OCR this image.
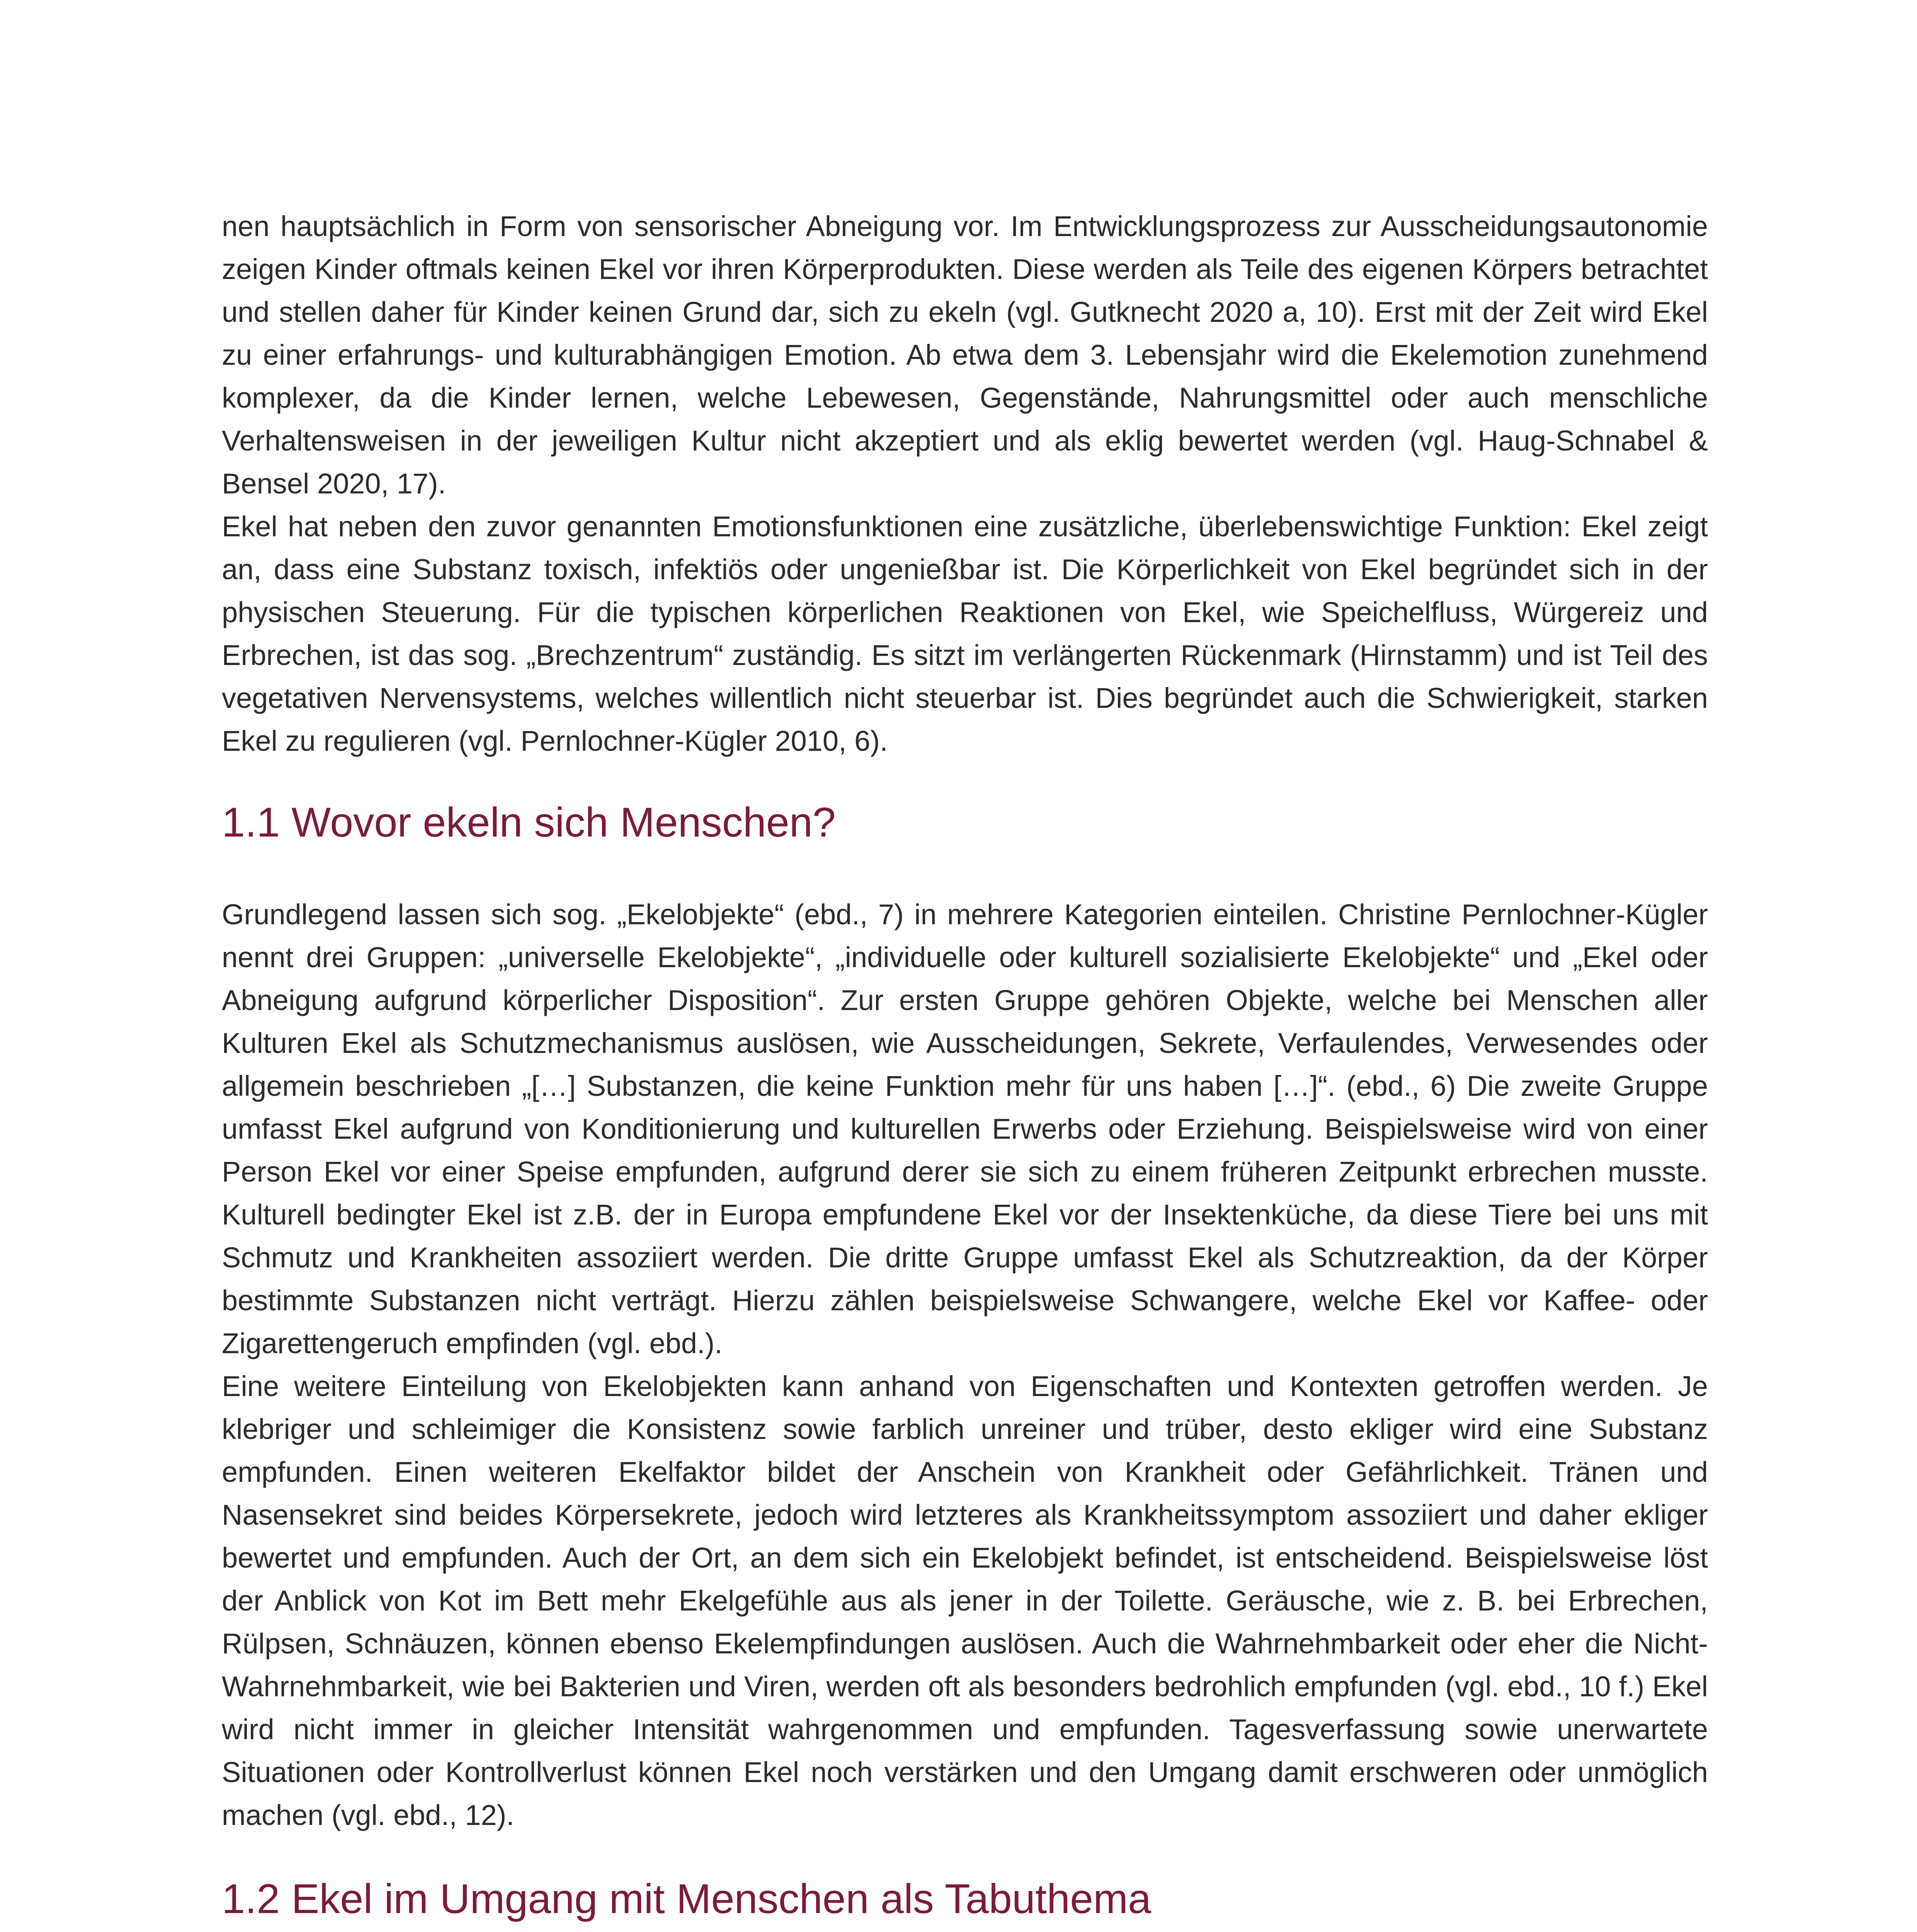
nen hauptsächlich in Form von sensorischer Abneigung vor. Im Entwicklungsprozess zur Ausscheidungsautonomie zeigen Kinder oftmals keinen Ekel vor ihren Körperprodukten. Diese werden als Teile des eigenen Körpers betrachtet und stellen daher für Kinder keinen Grund dar, sich zu ekeln (vgl. Gutknecht 2020 a, 10). Erst mit der Zeit wird Ekel zu einer erfahrungs- und kulturabhängigen Emotion. Ab etwa dem 3. Lebensjahr wird die Ekelemotion zunehmend komplexer, da die Kinder lernen, welche Lebewesen, Gegenstände, Nahrungsmittel oder auch menschliche Verhaltensweisen in der jeweiligen Kultur nicht akzeptiert und als eklig bewertet werden (vgl. Haug-Schnabel & Bensel 2020, 17).

Ekel hat neben den zuvor genannten Emotionsfunktionen eine zusätzliche, überlebenswichtige Funktion: Ekel zeigt an, dass eine Substanz toxisch, infektiös oder ungenießbar ist. Die Körperlichkeit von Ekel begründet sich in der physischen Steuerung. Für die typischen körperlichen Reaktionen von Ekel, wie Speichelfluss, Würgereiz und Erbrechen, ist das sog. „Brechzentrum“ zuständig. Es sitzt im verlängerten Rückenmark (Hirnstamm) und ist Teil des vegetativen Nervensystems, welches willentlich nicht steuerbar ist. Dies begründet auch die Schwierigkeit, starken Ekel zu regulieren (vgl. Pernlochner-Kügler 2010, 6).

1.1 Wovor ekeln sich Menschen?

Grundlegend lassen sich sog. „Ekelobjekte“ (ebd., 7) in mehrere Kategorien einteilen. Christine Pernlochner-Kügler nennt drei Gruppen: „universelle Ekelobjekte“, „individuelle oder kulturell sozialisierte Ekelobjekte“ und „Ekel oder Abneigung aufgrund körperlicher Disposition“. Zur ersten Gruppe gehören Objekte, welche bei Menschen aller Kulturen Ekel als Schutzmechanismus auslösen, wie Ausscheidungen, Sekrete, Verfaulendes, Verwesendes oder allgemein beschrieben „[…] Substanzen, die keine Funktion mehr für uns haben […]“. (ebd., 6) Die zweite Gruppe umfasst Ekel aufgrund von Konditionierung und kulturellen Erwerbs oder Erziehung. Beispielsweise wird von einer Person Ekel vor einer Speise empfunden, aufgrund derer sie sich zu einem früheren Zeitpunkt erbrechen musste. Kulturell bedingter Ekel ist z.B. der in Europa empfundene Ekel vor der Insektenküche, da diese Tiere bei uns mit Schmutz und Krankheiten assoziiert werden. Die dritte Gruppe umfasst Ekel als Schutzreaktion, da der Körper bestimmte Substanzen nicht verträgt. Hierzu zählen beispielsweise Schwangere, welche Ekel vor Kaffee- oder Zigarettengeruch empfinden (vgl. ebd.).

Eine weitere Einteilung von Ekelobjekten kann anhand von Eigenschaften und Kontexten getroffen werden. Je klebriger und schleimiger die Konsistenz sowie farblich unreiner und trüber, desto ekliger wird eine Substanz empfunden. Einen weiteren Ekelfaktor bildet der Anschein von Krankheit oder Gefährlichkeit. Tränen und Nasensekret sind beides Körpersekrete, jedoch wird letzteres als Krankheitssymptom assoziiert und daher ekliger bewertet und empfunden. Auch der Ort, an dem sich ein Ekelobjekt befindet, ist entscheidend. Beispielsweise löst der Anblick von Kot im Bett mehr Ekelgefühle aus als jener in der Toilette. Geräusche, wie z. B. bei Erbrechen, Rülpsen, Schnäuzen, können ebenso Ekelempfindungen auslösen. Auch die Wahrnehmbarkeit oder eher die Nicht-Wahrnehmbarkeit, wie bei Bakterien und Viren, werden oft als besonders bedrohlich empfunden (vgl. ebd., 10 f.) Ekel wird nicht immer in gleicher Intensität wahrgenommen und empfunden. Tagesverfassung sowie unerwartete Situationen oder Kontrollverlust können Ekel noch verstärken und den Umgang damit erschweren oder unmöglich machen (vgl. ebd., 12).

1.2 Ekel im Umgang mit Menschen als Tabuthema
